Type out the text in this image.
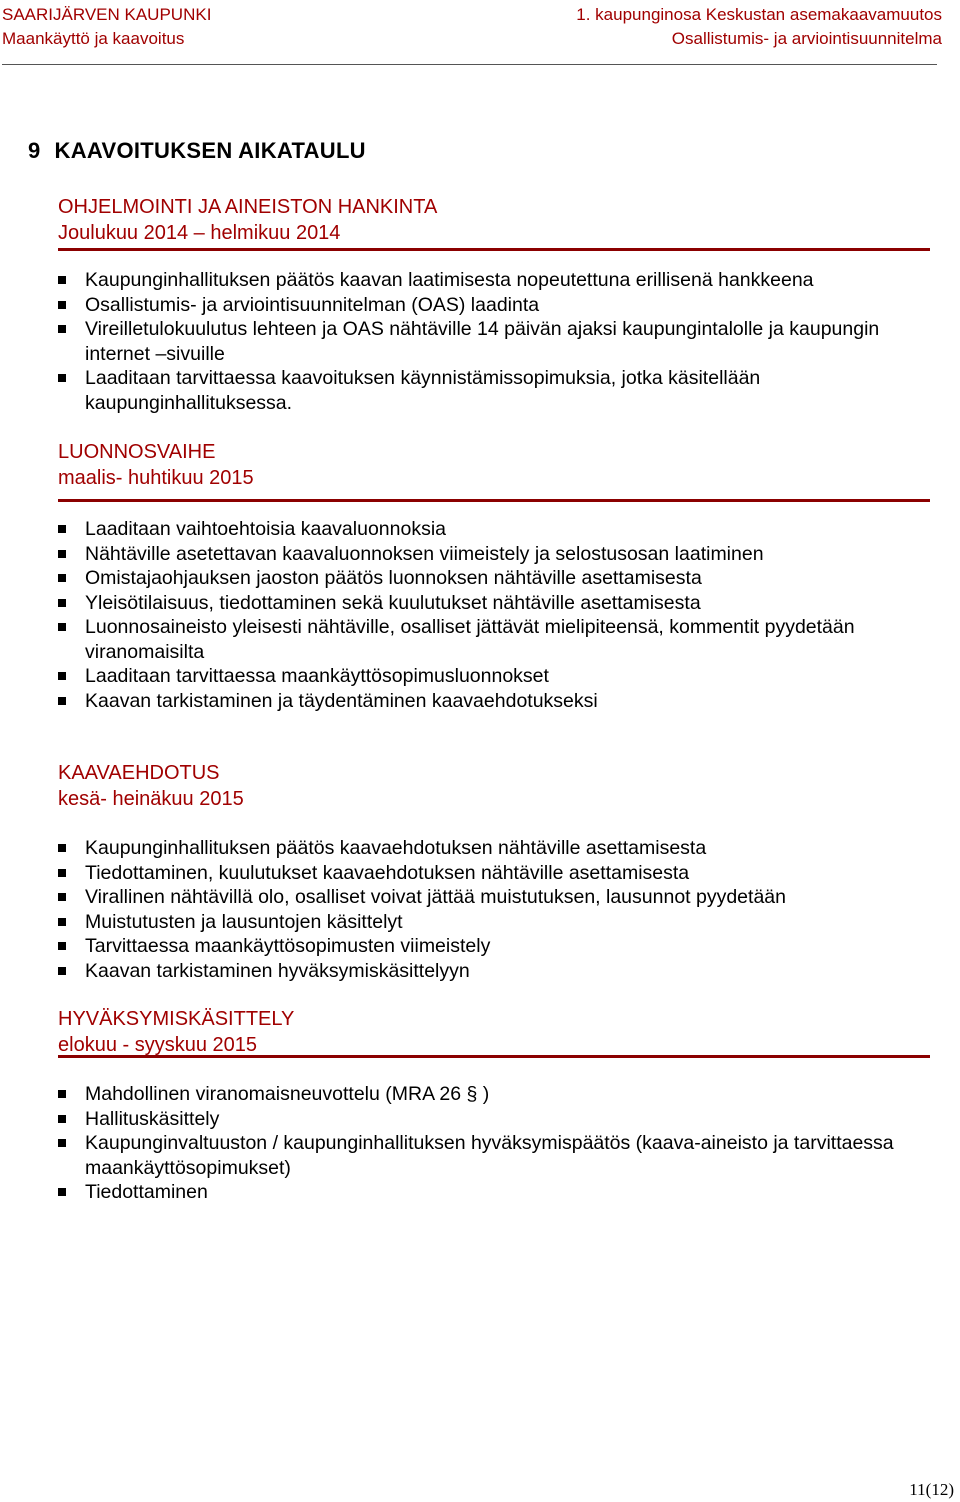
SAARIJÄRVEN KAUPUNKI
Maankäyttö ja kaavoitus
1. kaupunginosa Keskustan asemakaavamuutos
Osallistumis- ja arviointisuunnitelma
9 KAAVOITUKSEN AIKATAULU
OHJELMOINTI JA AINEISTON HANKINTA
Joulukuu 2014 – helmikuu 2014
Kaupunginhallituksen päätös kaavan laatimisesta nopeutettuna erillisenä hankkeena
Osallistumis- ja arviointisuunnitelman (OAS) laadinta
Vireilletulokuulutus lehteen ja OAS nähtäville 14 päivän ajaksi kaupungintalolle ja kaupungin internet –sivuille
Laaditaan tarvittaessa kaavoituksen käynnistämissopimuksia, jotka käsitellään kaupunginhallituksessa.
LUONNOSVAIHE
maalis- huhtikuu 2015
Laaditaan vaihtoehtoisia kaavaluonnoksia
Nähtäville asetettavan kaavaluonnoksen viimeistely ja selostusosan laatiminen
Omistajaohjauksen jaoston päätös luonnoksen nähtäville asettamisesta
Yleisötilaisuus, tiedottaminen sekä kuulutukset nähtäville asettamisesta
Luonnosaineisto yleisesti nähtäville, osalliset jättävät mielipiteensä, kommentit pyydetään viranomaisilta
Laaditaan tarvittaessa maankäyttösopimusluonnokset
Kaavan tarkistaminen ja täydentäminen kaavaehdotukseksi
KAAVAEHDOTUS
kesä- heinäkuu 2015
Kaupunginhallituksen päätös kaavaehdotuksen nähtäville asettamisesta
Tiedottaminen, kuulutukset kaavaehdotuksen nähtäville asettamisesta
Virallinen nähtävillä olo, osalliset voivat jättää muistutuksen, lausunnot pyydetään
Muistutusten ja lausuntojen käsittelyt
Tarvittaessa maankäyttösopimusten viimeistely
Kaavan tarkistaminen hyväksymiskäsittelyyn
HYVÄKSYMISKÄSITTELY
elokuu - syyskuu 2015
Mahdollinen viranomaisneuvottelu (MRA 26 § )
Hallituskäsittely
Kaupunginvaltuuston / kaupunginhallituksen hyväksymispäätös (kaava-aineisto ja tarvittaessa maankäyttösopimukset)
Tiedottaminen
11(12)
